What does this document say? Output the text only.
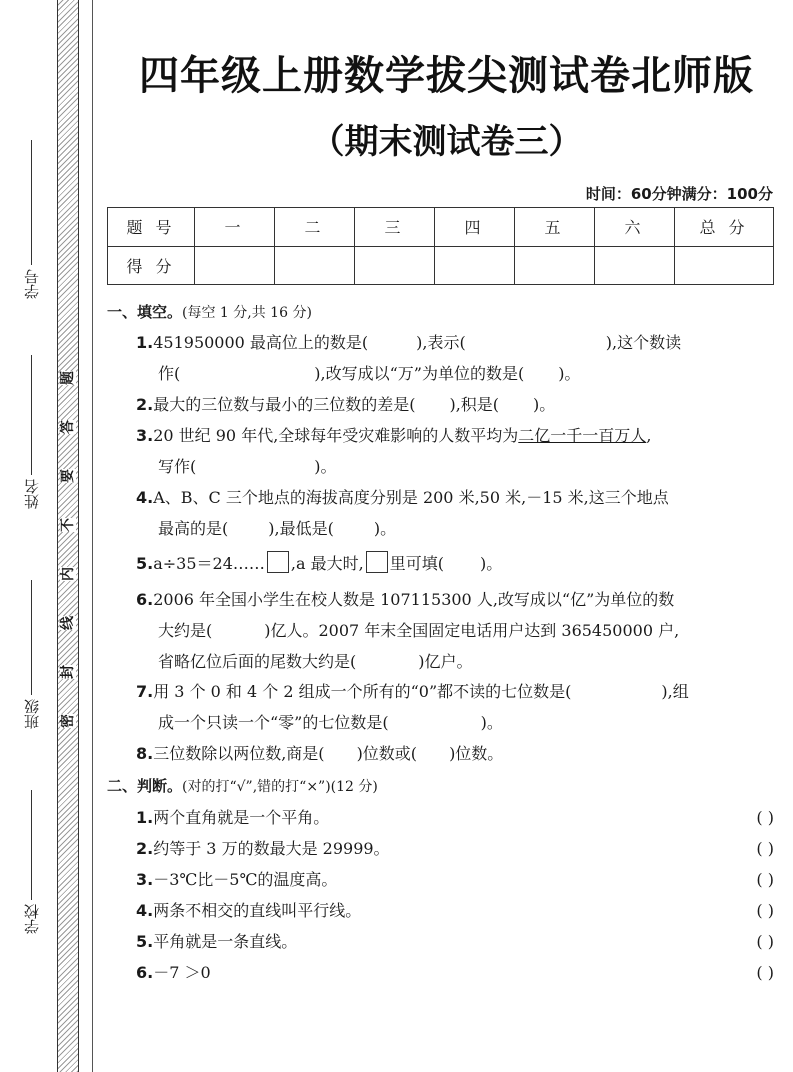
学号
姓名
班级
学校
题
答
要
不
内
线
封
密
四年级上册数学拔尖测试卷北师版
（期末测试卷三）
时间：60分钟满分：100分
题 号	一	二	三	四	五	六	总 分
得 分							
一、填空。(每空 1 分,共 16 分)
1.451950000 最高位上的数是(	),表示(	),这个数读
作(	),改写成以“万”为单位的数是( )。
2.最大的三位数与最小的三位数的差是( ),积是( )。
3.20 世纪 90 年代,全球每年受灾难影响的人数平均为二亿一千一百万人,
写作(	)。
4.A、B、C 三个地点的海拔高度分别是 200 米,50 米,－15 米,这三个地点
最高的是(	),最低是(	)。
5.a÷35＝24…… ,a 最大时, 里可填( )。
6.2006 年全国小学生在校人数是 107115300 人,改写成以“亿”为单位的数
大约是(	)亿人。2007 年末全国固定电话用户达到 365450000 户,
省略亿位后面的尾数大约是(	)亿户。
7.用 3 个 0 和 4 个 2 组成一个所有的“0”都不读的七位数是(	),组
成一个只读一个“零”的七位数是(	)。
8.三位数除以两位数,商是( )位数或( )位数。
二、判断。(对的打“√”,错的打“×”)(12 分)
1.两个直角就是一个平角。	( )
2.约等于 3 万的数最大是 29999。	( )
3.－3℃比－5℃的温度高。	( )
4.两条不相交的直线叫平行线。	( )
5.平角就是一条直线。	( )
6.－7 ＞0	( )
